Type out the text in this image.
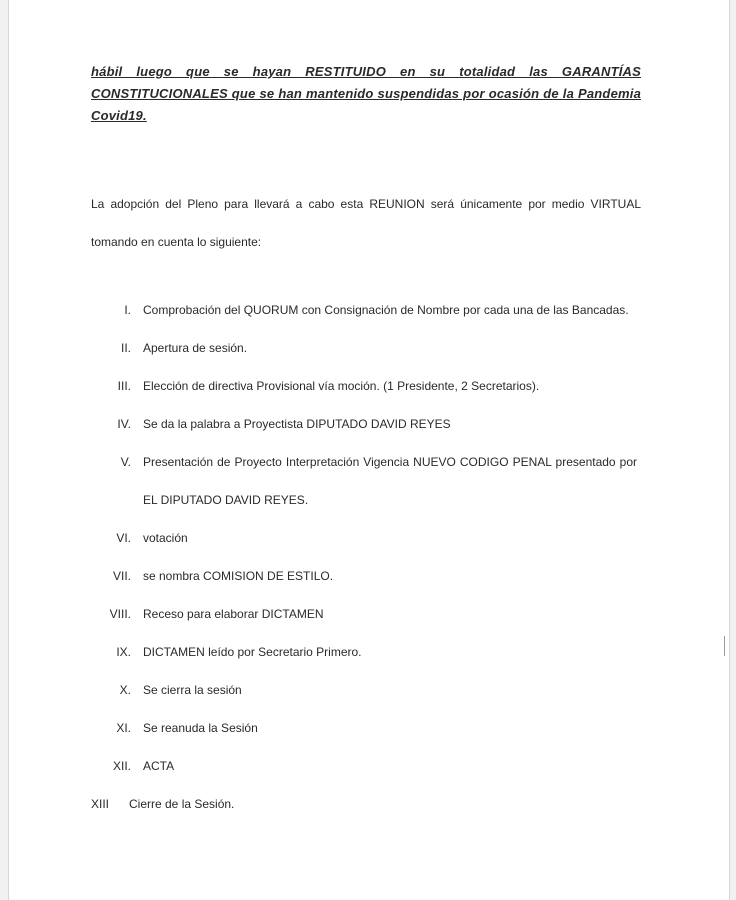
hábil luego que se hayan RESTITUIDO en su totalidad las GARANTÍAS CONSTITUCIONALES que se han mantenido suspendidas por ocasión de la Pandemia Covid19.

La adopción del Pleno para llevará a cabo esta REUNION será únicamente por medio VIRTUAL tomando en cuenta lo siguiente:

I. Comprobación del QUORUM con Consignación de Nombre por cada una de las Bancadas.
II. Apertura de sesión.
III. Elección de directiva Provisional vía moción. (1 Presidente, 2 Secretarios).
IV. Se da la palabra a Proyectista DIPUTADO DAVID REYES
V. Presentación de Proyecto Interpretación Vigencia NUEVO CODIGO PENAL presentado por EL DIPUTADO DAVID REYES.
VI. votación
VII. se nombra COMISION DE ESTILO.
VIII. Receso para elaborar DICTAMEN
IX. DICTAMEN leído por Secretario Primero.
X. Se cierra la sesión
XI. Se reanuda la Sesión
XII. ACTA
XIII	Cierre de la Sesión.
